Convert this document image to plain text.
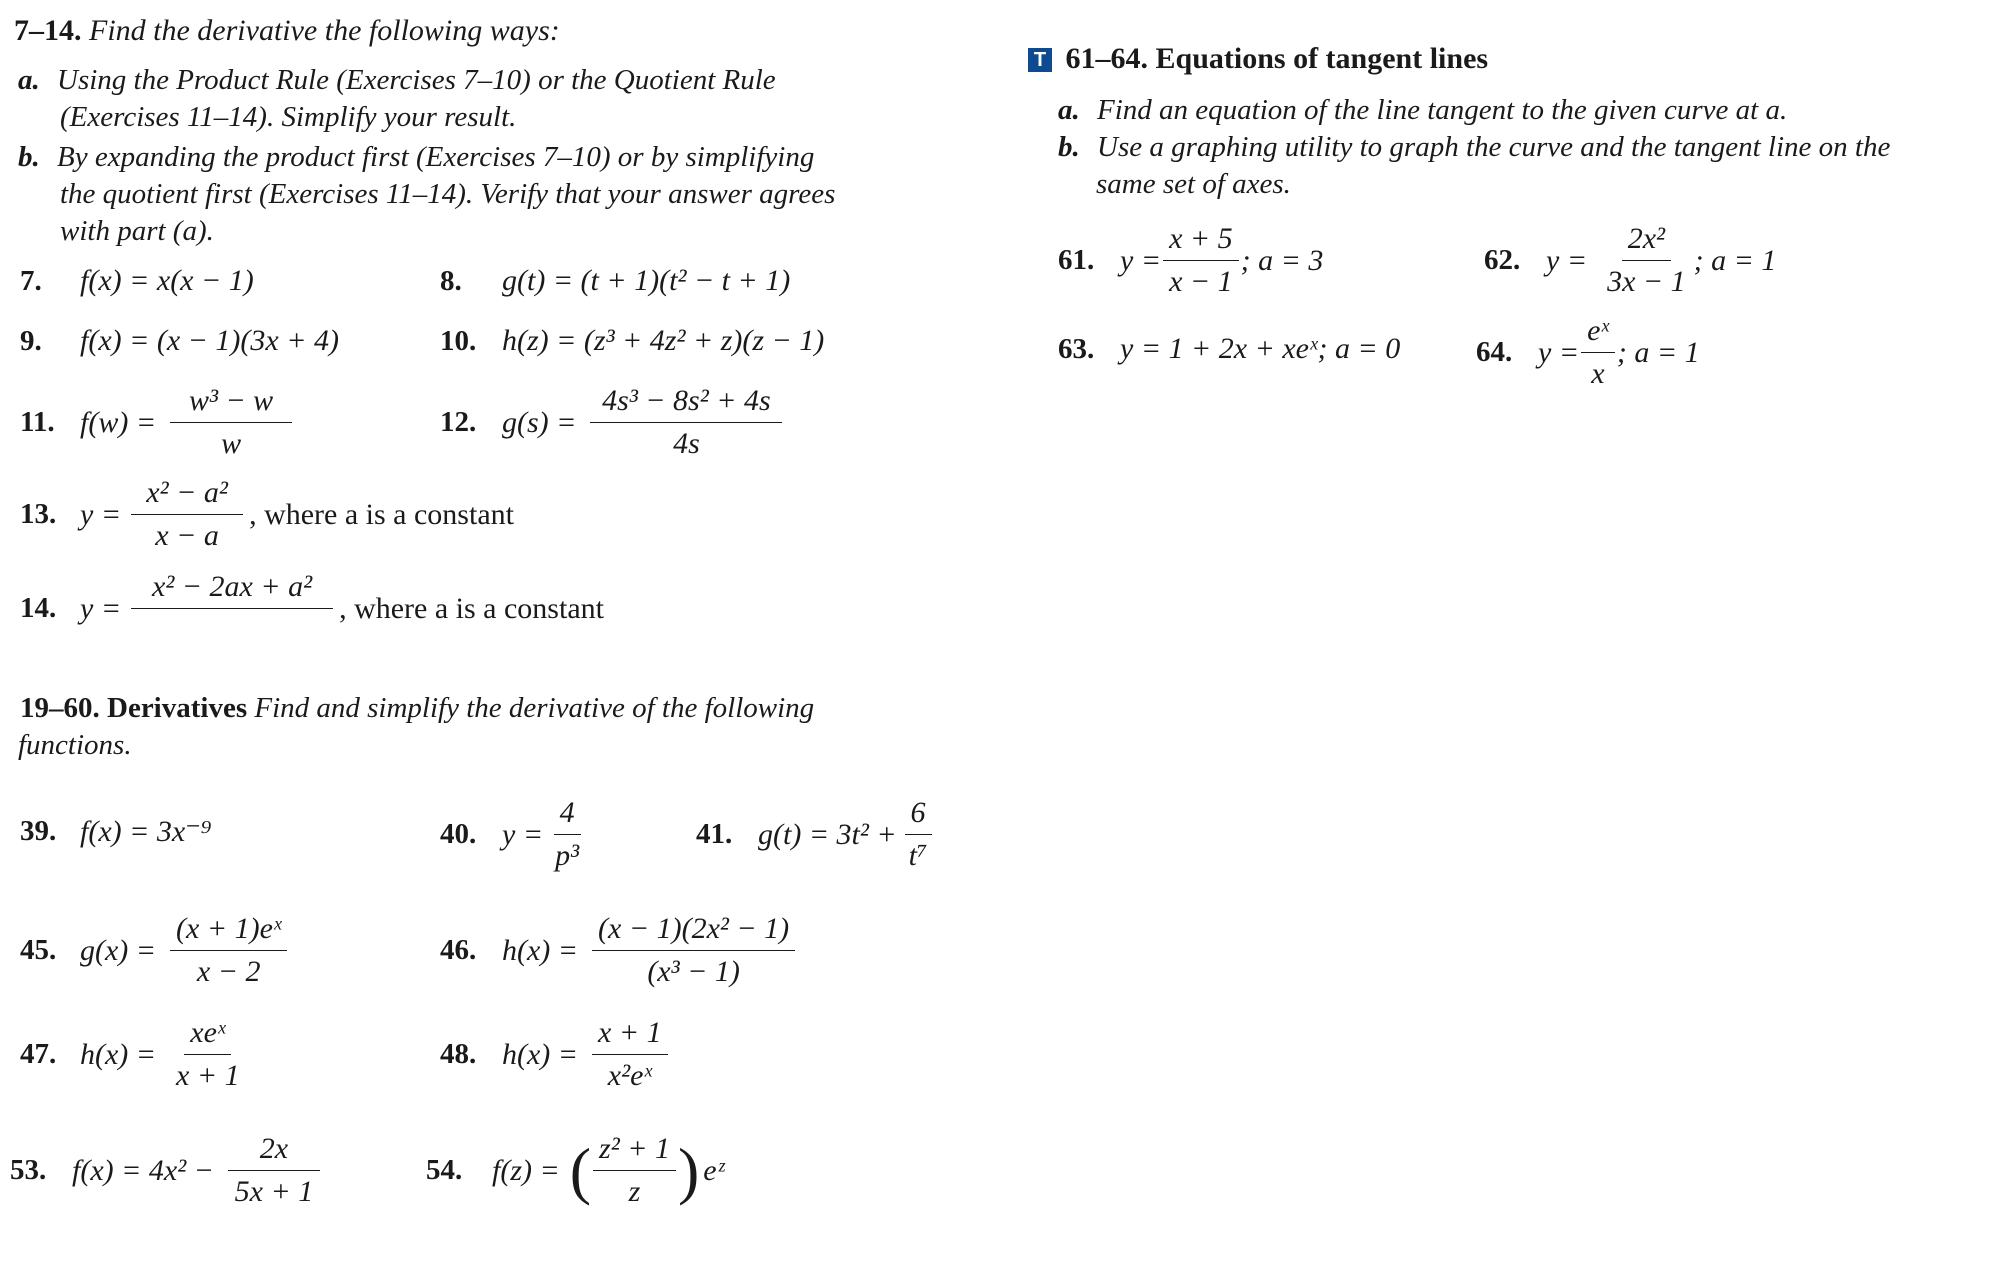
7–14. Find the derivative the following ways:
a. Using the Product Rule (Exercises 7–10) or the Quotient Rule
(Exercises 11–14). Simplify your result.
b. By expanding the product first (Exercises 7–10) or by simplifying
the quotient first (Exercises 11–14). Verify that your answer agrees
with part (a).
7.	f(x) = x(x − 1)	8.	g(t) = (t + 1)(t² − t + 1)
9.	f(x) = (x − 1)(3x + 4)	10. h(z) = (z³ + 4z² + z)(z − 1)
11. $f(w) = \frac{\text{w³ − w}}{w}$	12. $g(s) = \frac{\text{4s³ − 8s² + 4s}}{4s}$
13. $y = \frac{\text{x² − a²}}{x - a}$ , where a is a constant
14. y =
x² − 2ax + a²
, where a is a constant
19–60. Derivatives Find and simplify the derivative of the following
functions.
39. f(x) = 3x⁻⁹	40. $y = \frac{4}{\text{p³}}$	41. $g(t) = 3t^2 + \frac{6}{\text{t⁷}}$
45. $g(x) = \frac{\text{(x + 1)eˣ}}{x - 2}$	46. $h(x) = \frac{\text{(x − 1)(2x² − 1)}}{\text{(x³ − 1)}}$
47. $h(x) = \frac{\text{xeˣ}}{x + 1}$	48. $h(x) = \frac{x + 1}{\text{x²eˣ}}$
53. $f(x) = 4x^2 - \frac{2x}{5x + 1}$	54. f(z) = ( $\frac{\text{z² + 1}}{z}$ ) eᶻ
T 61–64. Equations of tangent lines
a. Find an equation of the line tangent to the given curve at a.
b. Use a graphing utility to graph the curve and the tangent line on the
same set of axes.
61. $y = \frac{x + 5}{x - 1}$ ; a = 3	62. $y = \frac{\text{2x²}}{3x - 1}$ ; a = 1
63. y = 1 + 2x + xeˣ; a = 0	64. $y = \frac{\text{eˣ}}{x}$ ; a = 1
